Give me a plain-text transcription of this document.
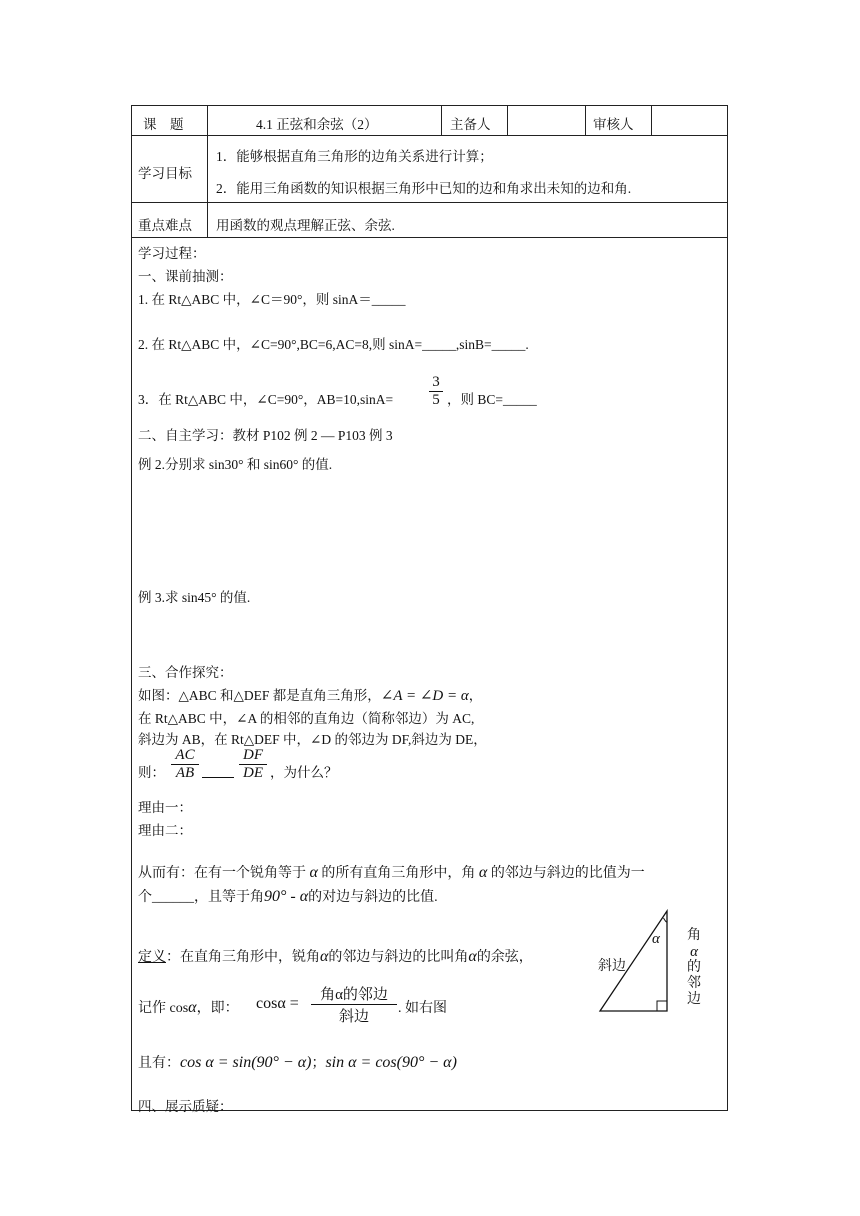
课　题	4.1 正弦和余弦（2）	主备人	审核人
学习目标
1．能够根据直角三角形的边角关系进行计算；
2．能用三角函数的知识根据三角形中已知的边和角求出未知的边和角.
重点难点 用函数的观点理解正弦、余弦.
学习过程：
一、课前抽测：
1. 在 Rt△ABC 中，∠C＝90°，则 sinA＝_____
2. 在 Rt△ABC 中，∠C=90°,BC=6,AC=8,则 sinA=_____,sinB=_____.
3．在 Rt△ABC 中，∠C=90°，AB=10,sinA=
3
5 ，则 BC=_____
二、自主学习：教材 P102 例 2 — P103 例 3
例 2.分别求 sin30° 和 sin60° 的值.
例 3.求 sin45° 的值.
三、合作探究：
如图：△ABC 和△DEF 都是直角三角形，∠A = ∠D = α，
在 Rt△ABC 中，∠A 的相邻的直角边（简称邻边）为 AC,
斜边为 AB，在 Rt△DEF 中，∠D 的邻边为 DF,斜边为 DE，
则：
AC
AB
DF
DE ，为什么？
理由一：
理由二：
从而有：在有一个锐角等于 α 的所有直角三角形中，角 α 的邻边与斜边的比值为一
个______，且等于角90° - α的对边与斜边的比值.
定义：在直角三角形中，锐角α的邻边与斜边的比叫角α的余弦，
记作 cosα，即： cosα = 角α的邻边
斜边
. 如右图
且有：cos α = sin(90° − α)；sin α = cos(90° − α)
四、展示质疑：
α
斜边
角
α
的
邻
边
